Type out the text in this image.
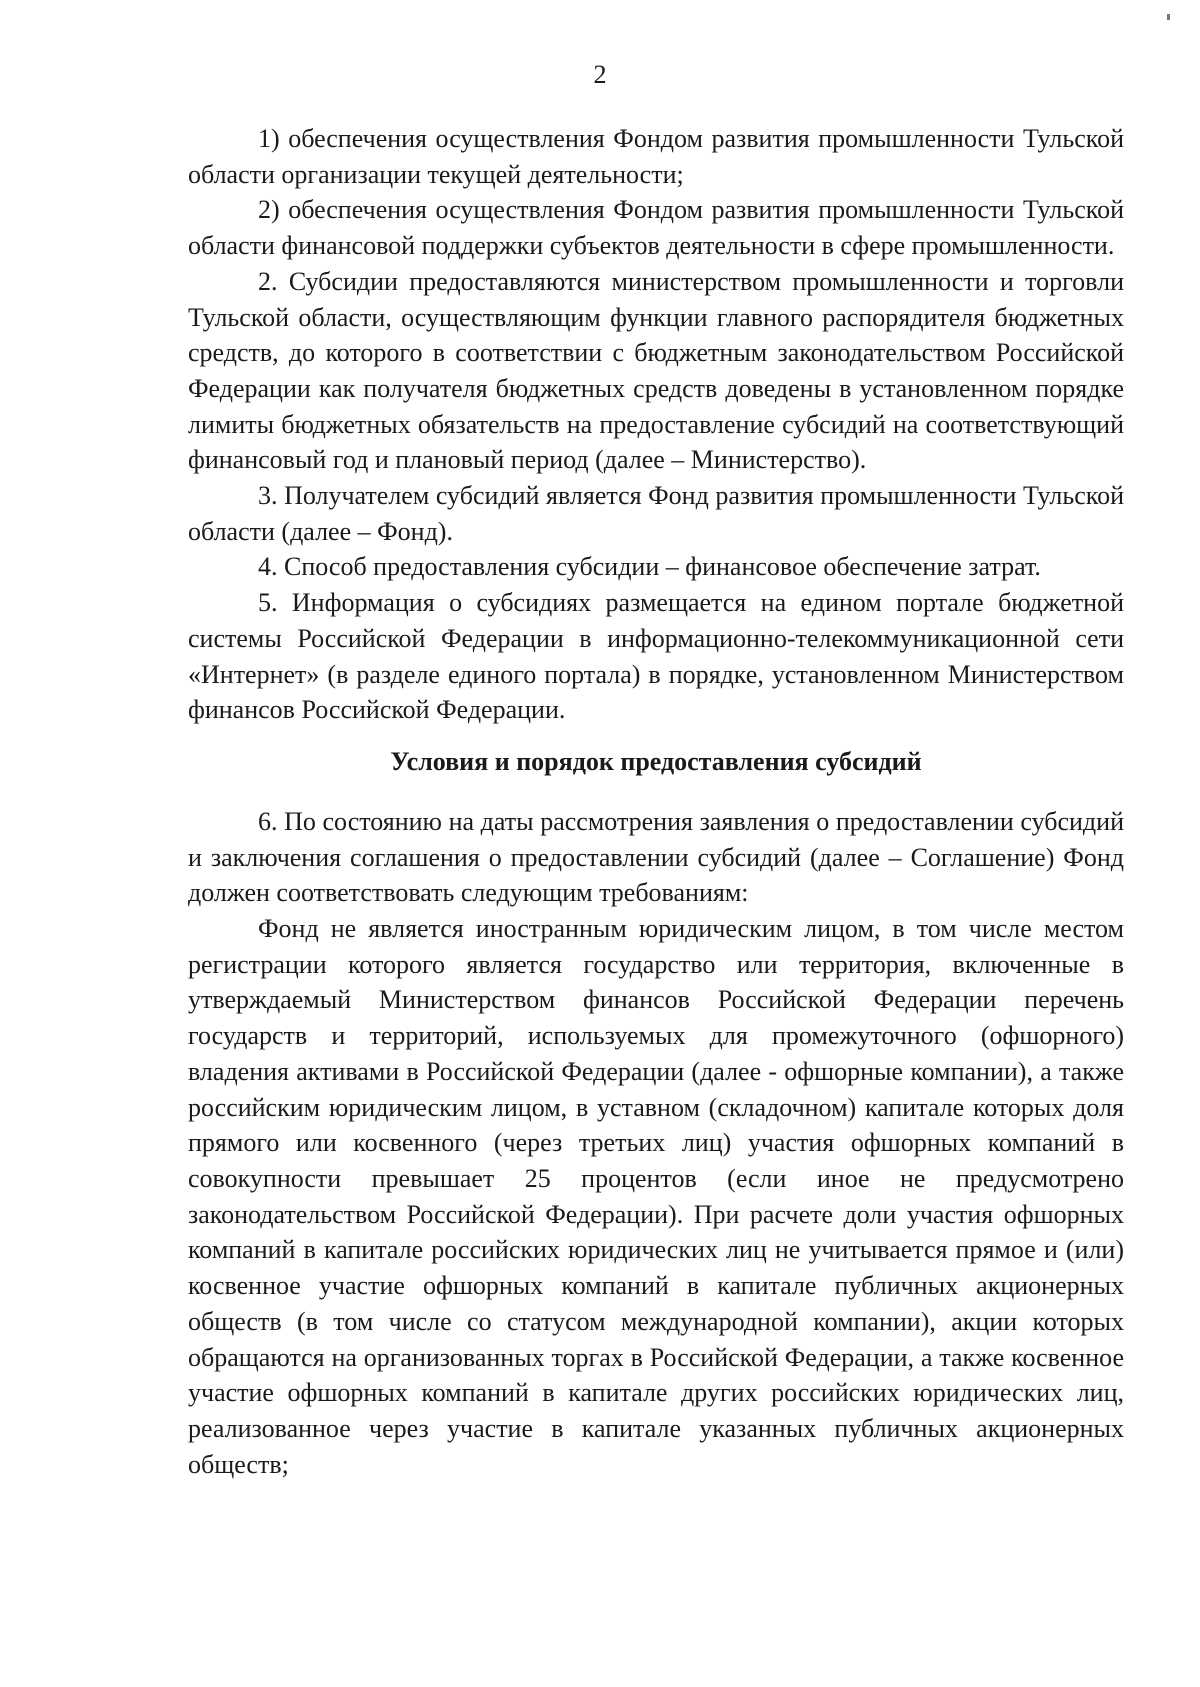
2

1) обеспечения осуществления Фондом развития промышленности Тульской области организации текущей деятельности;

2) обеспечения осуществления Фондом развития промышленности Тульской области финансовой поддержки субъектов деятельности в сфере промышленности.

2. Субсидии предоставляются министерством промышленности и торговли Тульской области, осуществляющим функции главного распорядителя бюджетных средств, до которого в соответствии с бюджетным законодательством Российской Федерации как получателя бюджетных средств доведены в установленном порядке лимиты бюджетных обязательств на предоставление субсидий на соответствующий финансовый год и плановый период (далее – Министерство).

3. Получателем субсидий является Фонд развития промышленности Тульской области (далее – Фонд).

4. Способ предоставления субсидии – финансовое обеспечение затрат.

5. Информация о субсидиях размещается на едином портале бюджетной системы Российской Федерации в информационно-телекоммуникационной сети «Интернет» (в разделе единого портала) в порядке, установленном Министерством финансов Российской Федерации.

Условия и порядок предоставления субсидий

6. По состоянию на даты рассмотрения заявления о предоставлении субсидий и заключения соглашения о предоставлении субсидий (далее – Соглашение) Фонд должен соответствовать следующим требованиям:

Фонд не является иностранным юридическим лицом, в том числе местом регистрации которого является государство или территория, включенные в утверждаемый Министерством финансов Российской Федерации перечень государств и территорий, используемых для промежуточного (офшорного) владения активами в Российской Федерации (далее - офшорные компании), а также российским юридическим лицом, в уставном (складочном) капитале которых доля прямого или косвенного (через третьих лиц) участия офшорных компаний в совокупности превышает 25 процентов (если иное не предусмотрено законодательством Российской Федерации). При расчете доли участия офшорных компаний в капитале российских юридических лиц не учитывается прямое и (или) косвенное участие офшорных компаний в капитале публичных акционерных обществ (в том числе со статусом международной компании), акции которых обращаются на организованных торгах в Российской Федерации, а также косвенное участие офшорных компаний в капитале других российских юридических лиц, реализованное через участие в капитале указанных публичных акционерных обществ;
